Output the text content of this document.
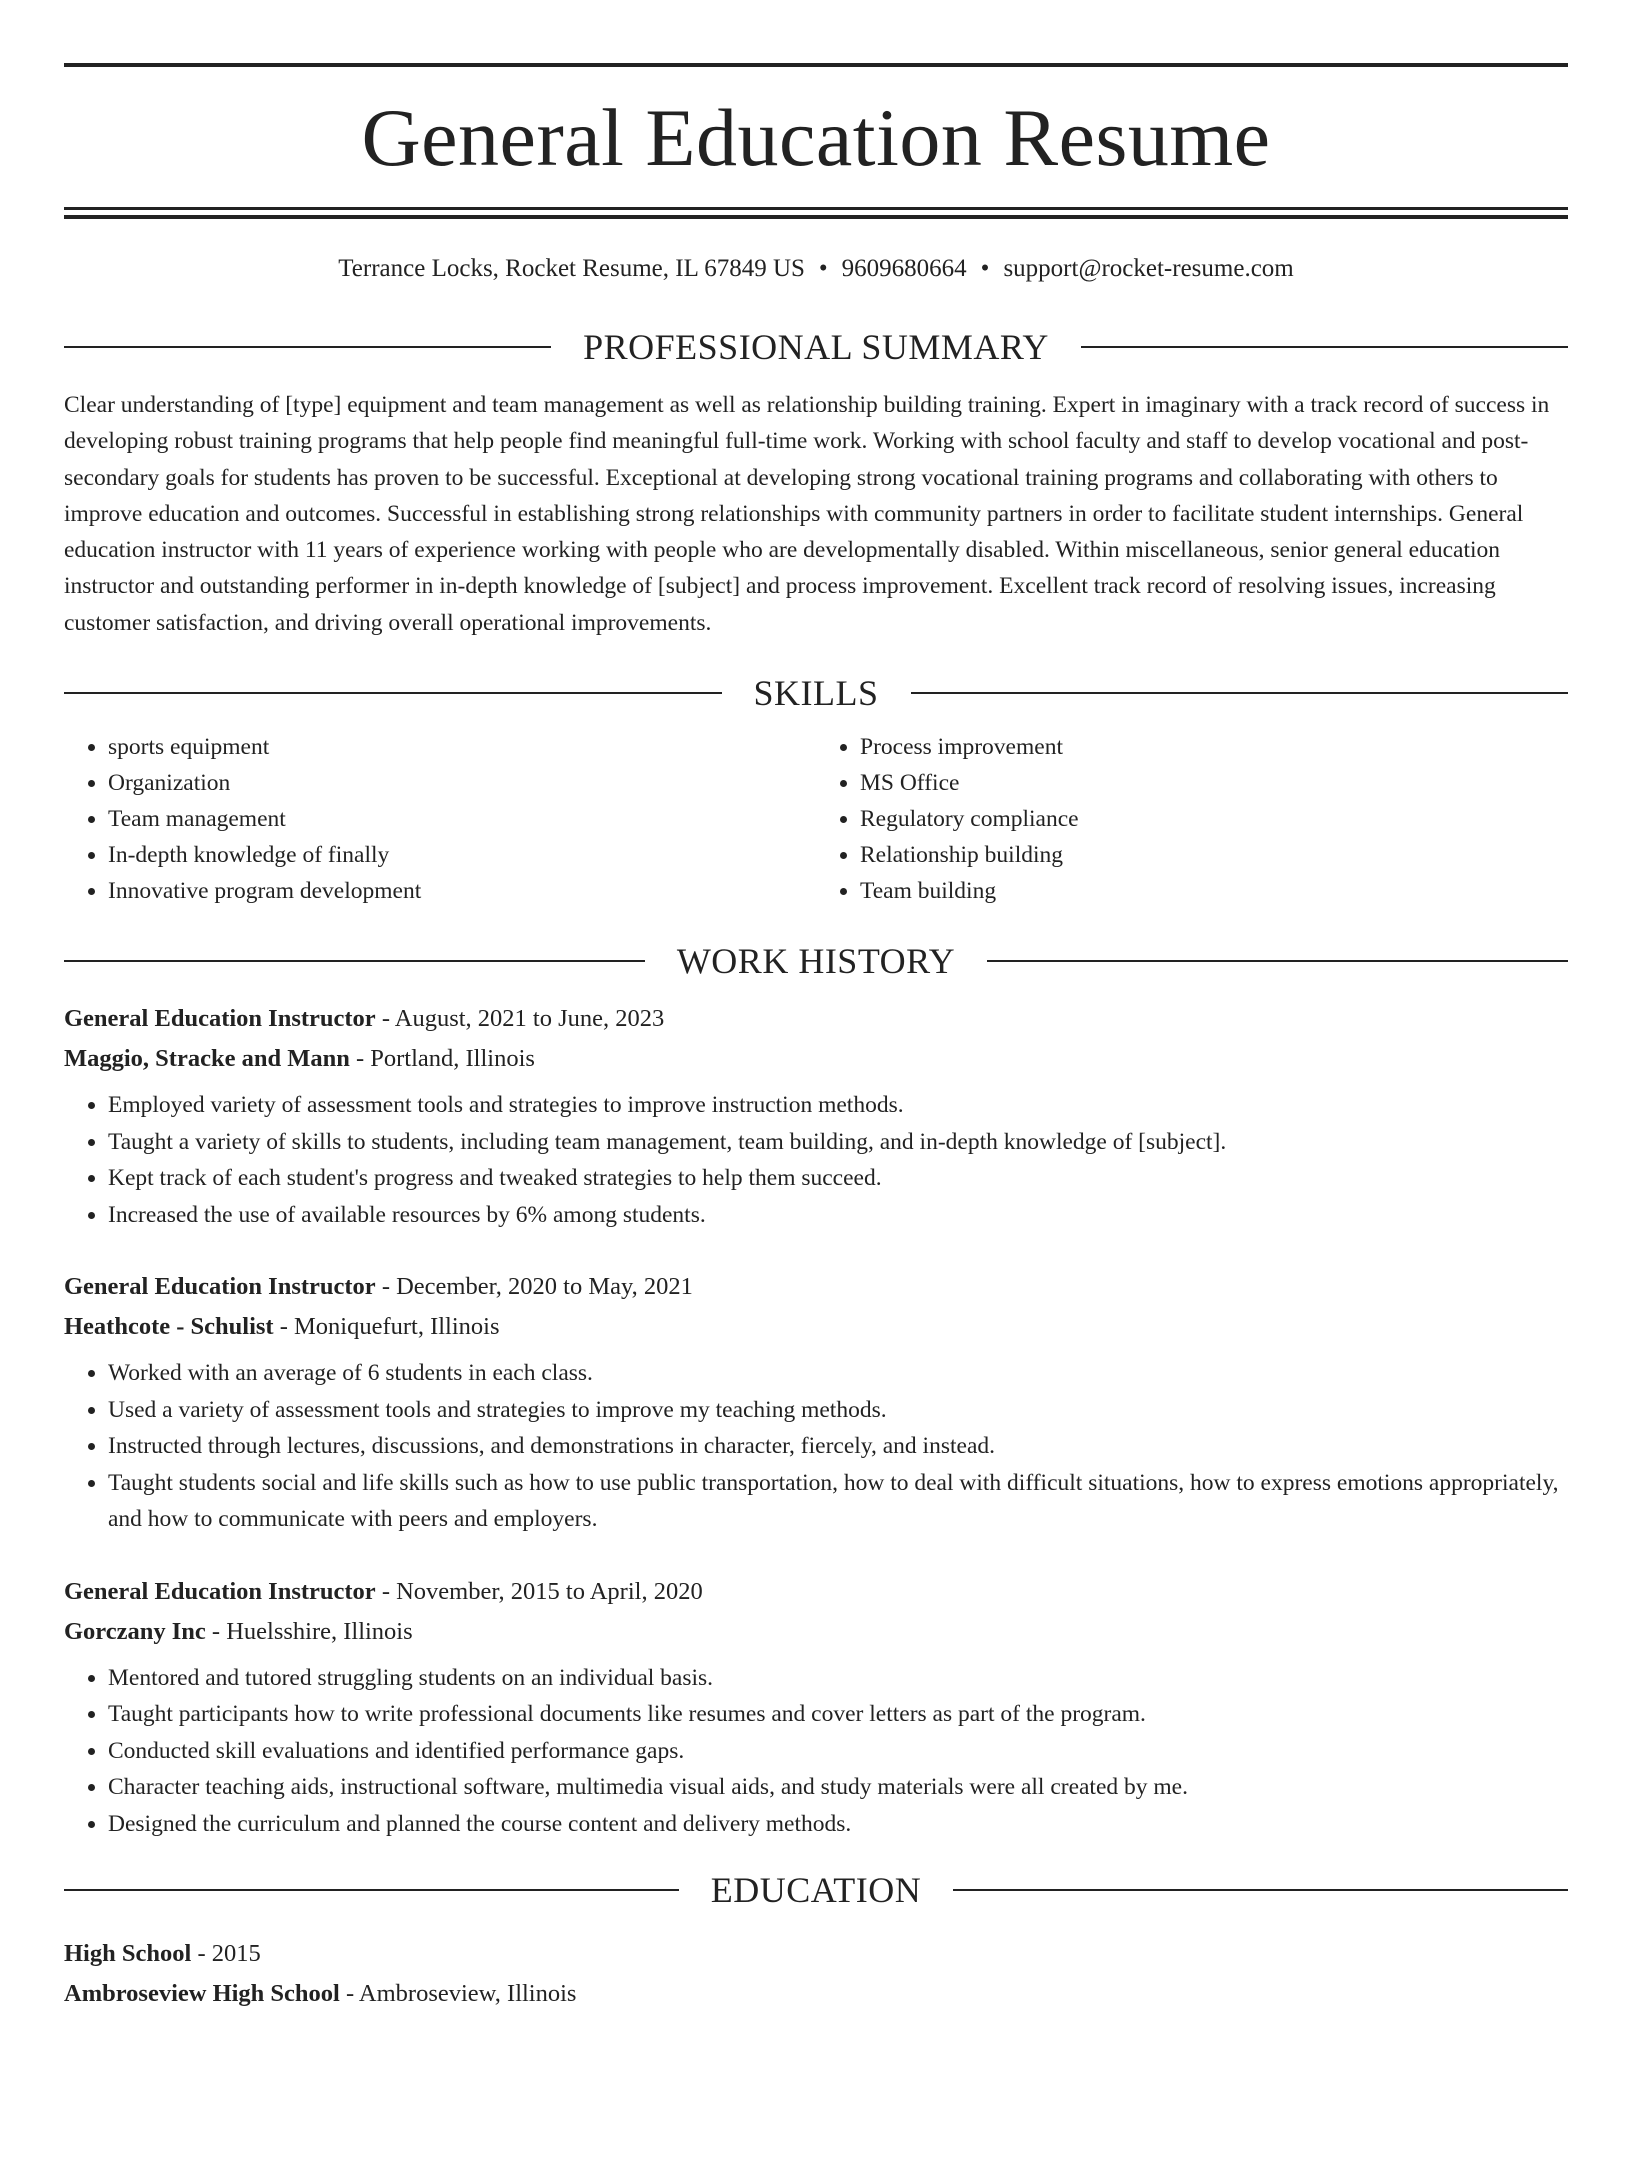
General Education Resume
Terrance Locks, Rocket Resume, IL 67849 US • 9609680664 • support@rocket-resume.com
PROFESSIONAL SUMMARY
Clear understanding of [type] equipment and team management as well as relationship building training. Expert in imaginary with a track record of success in developing robust training programs that help people find meaningful full-time work. Working with school faculty and staff to develop vocational and post-secondary goals for students has proven to be successful. Exceptional at developing strong vocational training programs and collaborating with others to improve education and outcomes. Successful in establishing strong relationships with community partners in order to facilitate student internships. General education instructor with 11 years of experience working with people who are developmentally disabled. Within miscellaneous, senior general education instructor and outstanding performer in in-depth knowledge of [subject] and process improvement. Excellent track record of resolving issues, increasing customer satisfaction, and driving overall operational improvements.
SKILLS
• sports equipment
• Organization
• Team management
• In-depth knowledge of finally
• Innovative program development
• Process improvement
• MS Office
• Regulatory compliance
• Relationship building
• Team building
WORK HISTORY
General Education Instructor - August, 2021 to June, 2023
Maggio, Stracke and Mann - Portland, Illinois
• Employed variety of assessment tools and strategies to improve instruction methods.
• Taught a variety of skills to students, including team management, team building, and in-depth knowledge of [subject].
• Kept track of each student's progress and tweaked strategies to help them succeed.
• Increased the use of available resources by 6% among students.
General Education Instructor - December, 2020 to May, 2021
Heathcote - Schulist - Moniquefurt, Illinois
• Worked with an average of 6 students in each class.
• Used a variety of assessment tools and strategies to improve my teaching methods.
• Instructed through lectures, discussions, and demonstrations in character, fiercely, and instead.
• Taught students social and life skills such as how to use public transportation, how to deal with difficult situations, how to express emotions appropriately, and how to communicate with peers and employers.
General Education Instructor - November, 2015 to April, 2020
Gorczany Inc - Huelsshire, Illinois
• Mentored and tutored struggling students on an individual basis.
• Taught participants how to write professional documents like resumes and cover letters as part of the program.
• Conducted skill evaluations and identified performance gaps.
• Character teaching aids, instructional software, multimedia visual aids, and study materials were all created by me.
• Designed the curriculum and planned the course content and delivery methods.
EDUCATION
High School - 2015
Ambroseview High School - Ambroseview, Illinois
